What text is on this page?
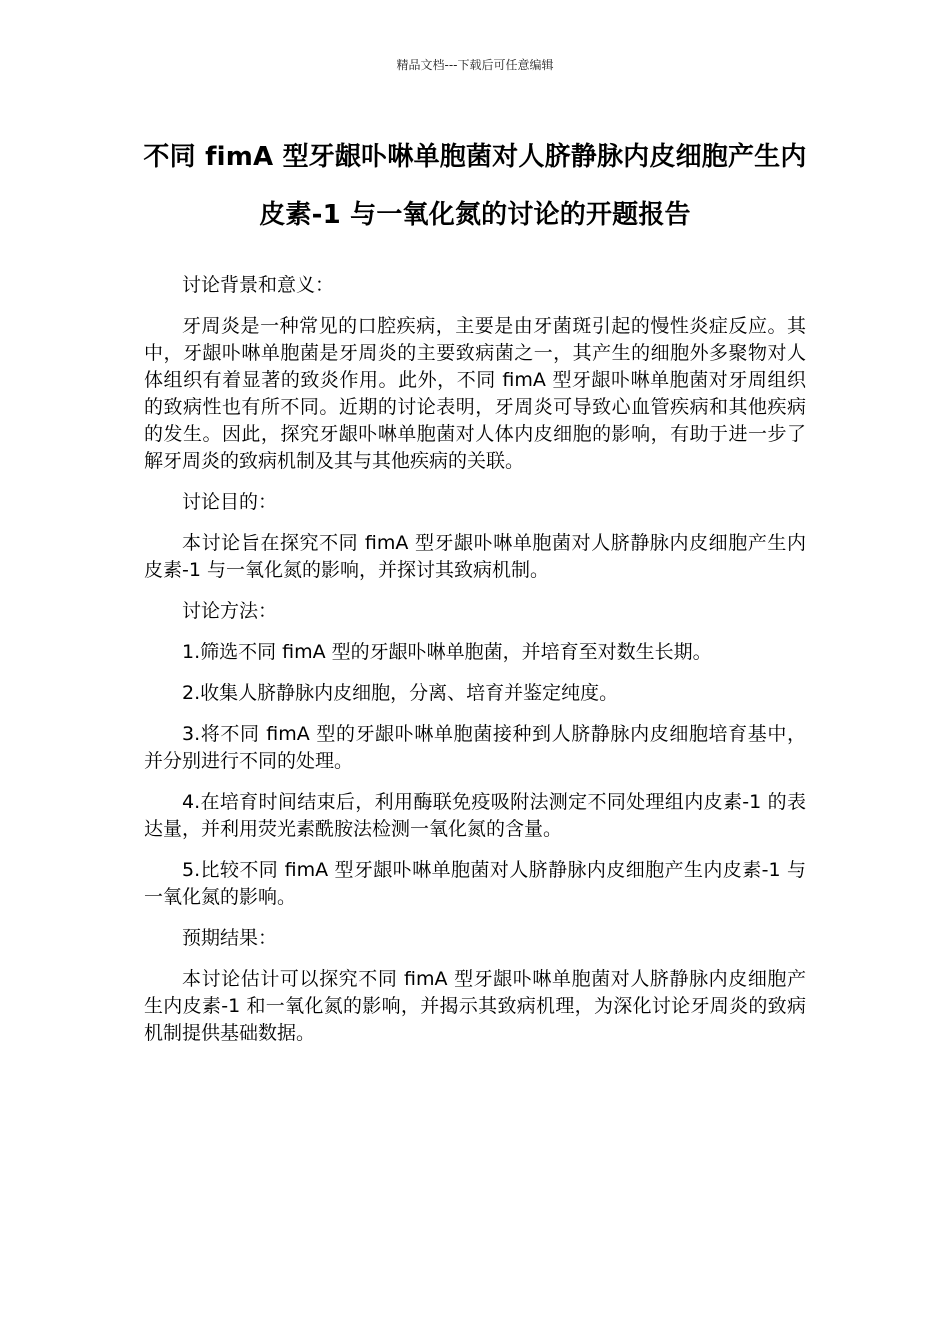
精品文档---下载后可任意编辑
不同 fimA 型牙龈卟啉单胞菌对人脐静脉内皮细胞产生内皮素-1 与一氧化氮的讨论的开题报告

讨论背景和意义：

牙周炎是一种常见的口腔疾病，主要是由牙菌斑引起的慢性炎症反应。其中，牙龈卟啉单胞菌是牙周炎的主要致病菌之一，其产生的细胞外多聚物对人体组织有着显著的致炎作用。此外，不同 fimA 型牙龈卟啉单胞菌对牙周组织的致病性也有所不同。近期的讨论表明，牙周炎可导致心血管疾病和其他疾病的发生。因此，探究牙龈卟啉单胞菌对人体内皮细胞的影响，有助于进一步了解牙周炎的致病机制及其与其他疾病的关联。

讨论目的：

本讨论旨在探究不同 fimA 型牙龈卟啉单胞菌对人脐静脉内皮细胞产生内皮素-1 与一氧化氮的影响，并探讨其致病机制。

讨论方法：

1.筛选不同 fimA 型的牙龈卟啉单胞菌，并培育至对数生长期。

2.收集人脐静脉内皮细胞，分离、培育并鉴定纯度。

3.将不同 fimA 型的牙龈卟啉单胞菌接种到人脐静脉内皮细胞培育基中，并分别进行不同的处理。

4.在培育时间结束后，利用酶联免疫吸附法测定不同处理组内皮素-1 的表达量，并利用荧光素酰胺法检测一氧化氮的含量。

5.比较不同 fimA 型牙龈卟啉单胞菌对人脐静脉内皮细胞产生内皮素-1 与一氧化氮的影响。

预期结果：

本讨论估计可以探究不同 fimA 型牙龈卟啉单胞菌对人脐静脉内皮细胞产生内皮素-1 和一氧化氮的影响，并揭示其致病机理，为深化讨论牙周炎的致病机制提供基础数据。
